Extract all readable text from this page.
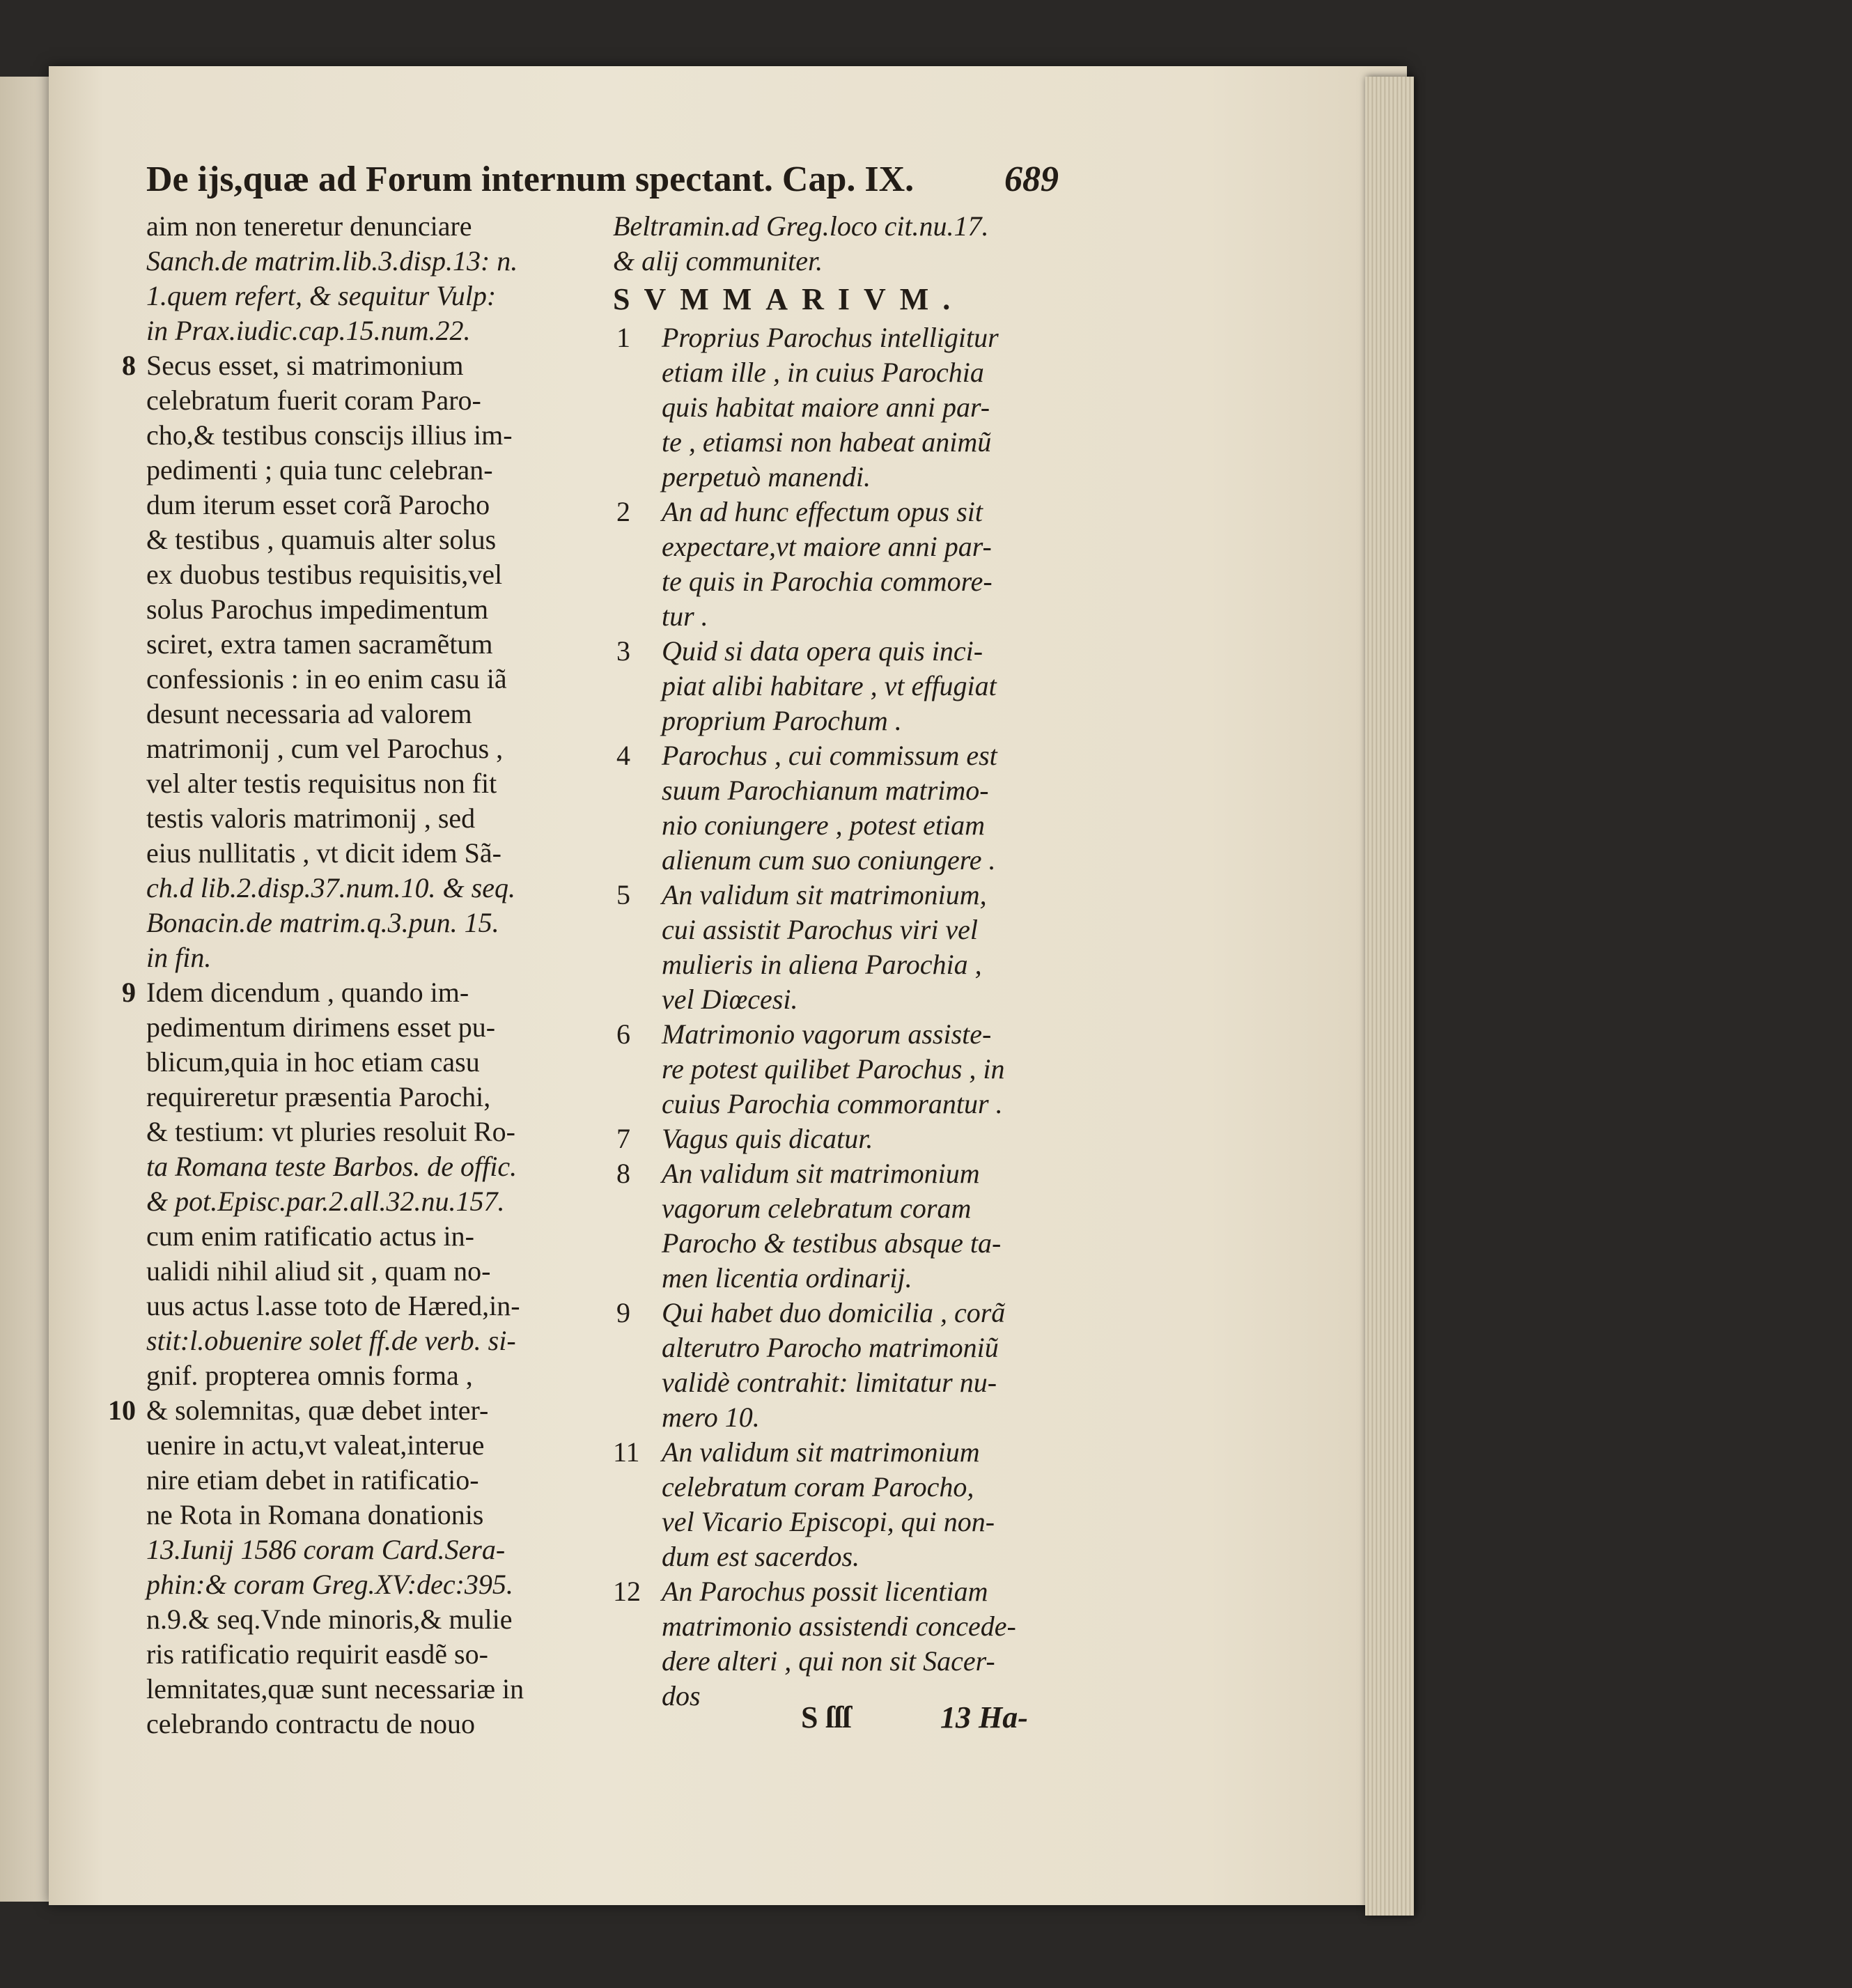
De ijs,quæ ad Forum internum spectant. Cap. IX. 689
aim non teneretur denunciare
Sanch.de matrim.lib.3.disp.13: n.
1.quem refert, & sequitur Vulp:
in Prax.iudic.cap.15.num.22.
8 Secus esset, si matrimonium
celebratum fuerit coram Paro-
cho,& testibus conscijs illius im-
pedimenti ; quia tunc celebran-
dum iterum esset corã Parocho
& testibus , quamuis alter solus
ex duobus testibus requisitis,vel
solus Parochus impedimentum
sciret, extra tamen sacramẽtum
confessionis : in eo enim casu iã
desunt necessaria ad valorem
matrimonij , cum vel Parochus ,
vel alter testis requisitus non fit
testis valoris matrimonij , sed
eius nullitatis , vt dicit idem Sã-
ch.d lib.2.disp.37.num.10. & seq.
Bonacin.de matrim.q.3.pun. 15.
in fin.
9 Idem dicendum , quando im-
pedimentum dirimens esset pu-
blicum,quia in hoc etiam casu
requireretur præsentia Parochi,
& testium: vt pluries resoluit Ro-
ta Romana teste Barbos. de offic.
& pot.Episc.par.2.all.32.nu.157.
cum enim ratificatio actus in-
ualidi nihil aliud sit , quam no-
uus actus l.asse toto de Hæred,in-
stit:l.obuenire solet ff.de verb. si-
gnif. propterea omnis forma ,
10 & solemnitas, quæ debet inter-
uenire in actu,vt valeat,interue
nire etiam debet in ratificatio-
ne Rota in Romana donationis
13.Iunij 1586 coram Card.Sera-
phin:& coram Greg.XV:dec:395.
n.9.& seq.Vnde minoris,& mulie
ris ratificatio requirit easdẽ so-
lemnitates,quæ sunt necessariæ in
celebrando contractu de nouo
Beltramin.ad Greg.loco cit.nu.17.
& alij communiter.
SVMMARIVM.
1 Proprius Parochus intelligitur
etiam ille , in cuius Parochia
quis habitat maiore anni par-
te , etiamsi non habeat animũ
perpetuò manendi.
2 An ad hunc effectum opus sit
expectare,vt maiore anni par-
te quis in Parochia commore-
tur .
3 Quid si data opera quis inci-
piat alibi habitare , vt effugiat
proprium Parochum .
4 Parochus , cui commissum est
suum Parochianum matrimo-
nio coniungere , potest etiam
alienum cum suo coniungere .
5 An validum sit matrimonium,
cui assistit Parochus viri vel
mulieris in aliena Parochia ,
vel Diœcesi.
6 Matrimonio vagorum assiste-
re potest quilibet Parochus , in
cuius Parochia commorantur .
7 Vagus quis dicatur.
8 An validum sit matrimonium
vagorum celebratum coram
Parocho & testibus absque ta-
men licentia ordinarij.
9 Qui habet duo domicilia , corã
alterutro Parocho matrimoniũ
validè contrahit: limitatur nu-
mero 10.
11 An validum sit matrimonium
celebratum coram Parocho,
vel Vicario Episcopi, qui non-
dum est sacerdos.
12 An Parochus possit licentiam
matrimonio assistendi concede-
dere alteri , qui non sit Sacer-
dos
S ſſſ	13 Ha-
